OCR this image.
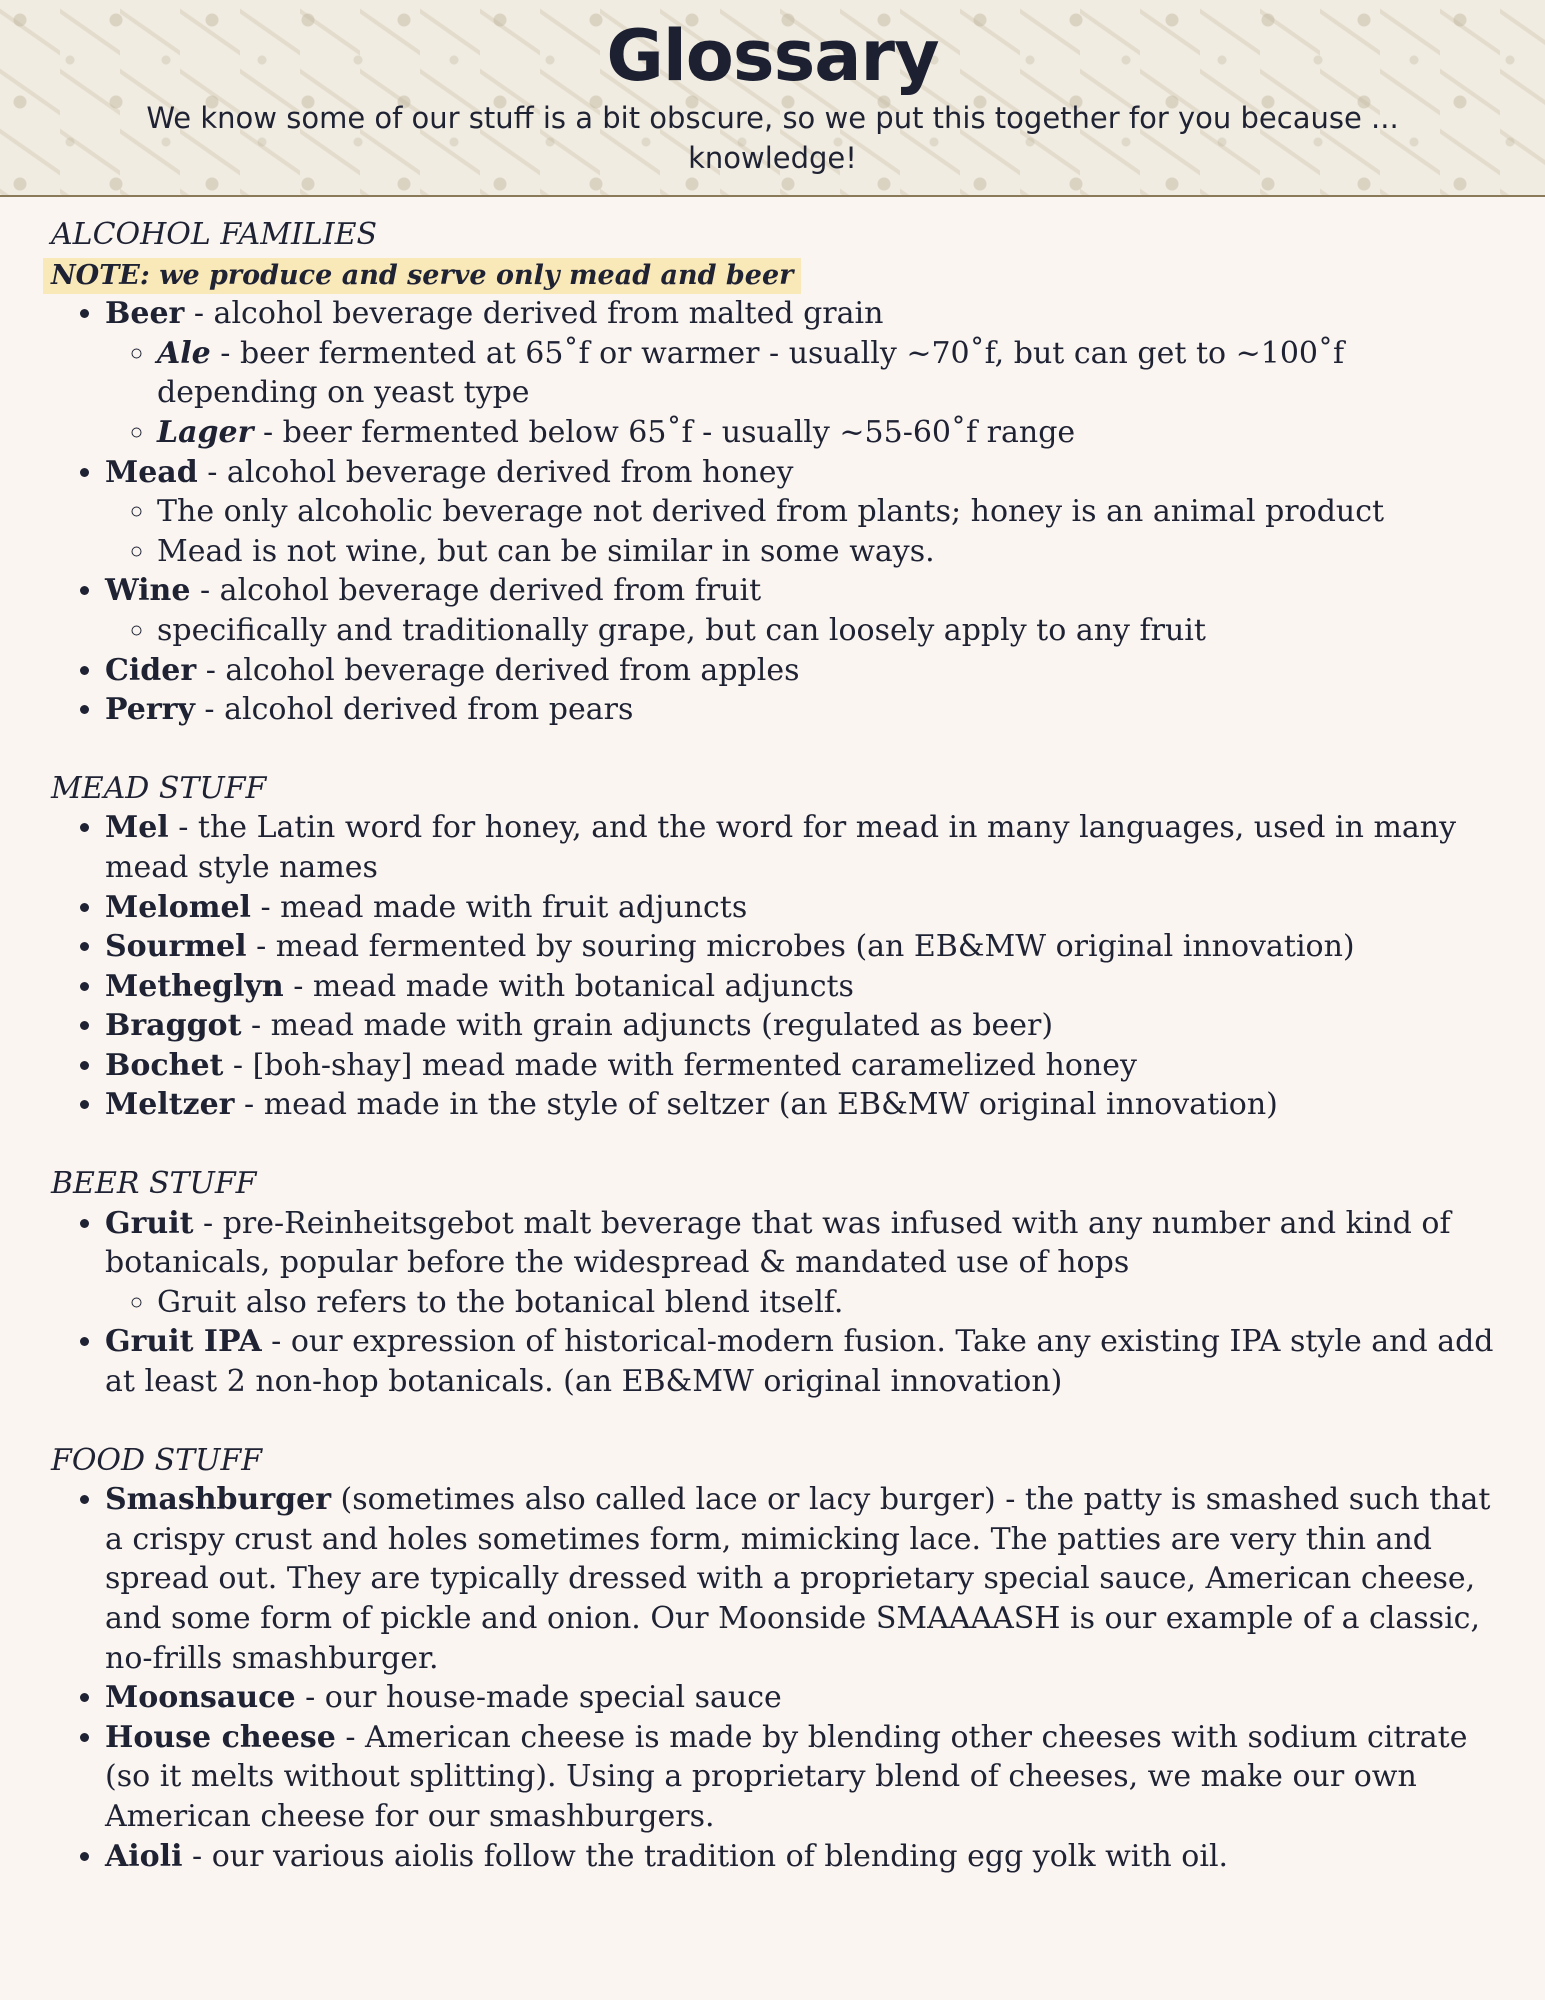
Glossary

We know some of our stuff is a bit obscure, so we put this together for you because ... knowledge!

ALCOHOL FAMILIES
NOTE: we produce and serve only mead and beer
• Beer - alcohol beverage derived from malted grain
◦ Ale - beer fermented at 65˚f or warmer - usually ~70˚f, but can get to ~100˚f depending on yeast type
◦ Lager - beer fermented below 65˚f - usually ~55-60˚f range
• Mead - alcohol beverage derived from honey
◦ The only alcoholic beverage not derived from plants; honey is an animal product
◦ Mead is not wine, but can be similar in some ways.
• Wine - alcohol beverage derived from fruit
◦ specifically and traditionally grape, but can loosely apply to any fruit
• Cider - alcohol beverage derived from apples
• Perry - alcohol derived from pears
MEAD STUFF
• Mel - the Latin word for honey, and the word for mead in many languages, used in many mead style names
• Melomel - mead made with fruit adjuncts
• Sourmel - mead fermented by souring microbes (an EB&MW original innovation)
• Metheglyn - mead made with botanical adjuncts
• Braggot - mead made with grain adjuncts (regulated as beer)
• Bochet - [boh-shay] mead made with fermented caramelized honey
• Meltzer - mead made in the style of seltzer (an EB&MW original innovation)
BEER STUFF
• Gruit - pre-Reinheitsgebot malt beverage that was infused with any number and kind of botanicals, popular before the widespread & mandated use of hops
◦ Gruit also refers to the botanical blend itself.
• Gruit IPA - our expression of historical-modern fusion. Take any existing IPA style and add at least 2 non-hop botanicals. (an EB&MW original innovation)
FOOD STUFF
• Smashburger (sometimes also called lace or lacy burger) - the patty is smashed such that a crispy crust and holes sometimes form, mimicking lace. The patties are very thin and spread out. They are typically dressed with a proprietary special sauce, American cheese, and some form of pickle and onion. Our Moonside SMAAAASH is our example of a classic, no-frills smashburger.
• Moonsauce - our house-made special sauce
• House cheese - American cheese is made by blending other cheeses with sodium citrate (so it melts without splitting). Using a proprietary blend of cheeses, we make our own American cheese for our smashburgers.
• Aioli - our various aiolis follow the tradition of blending egg yolk with oil.
